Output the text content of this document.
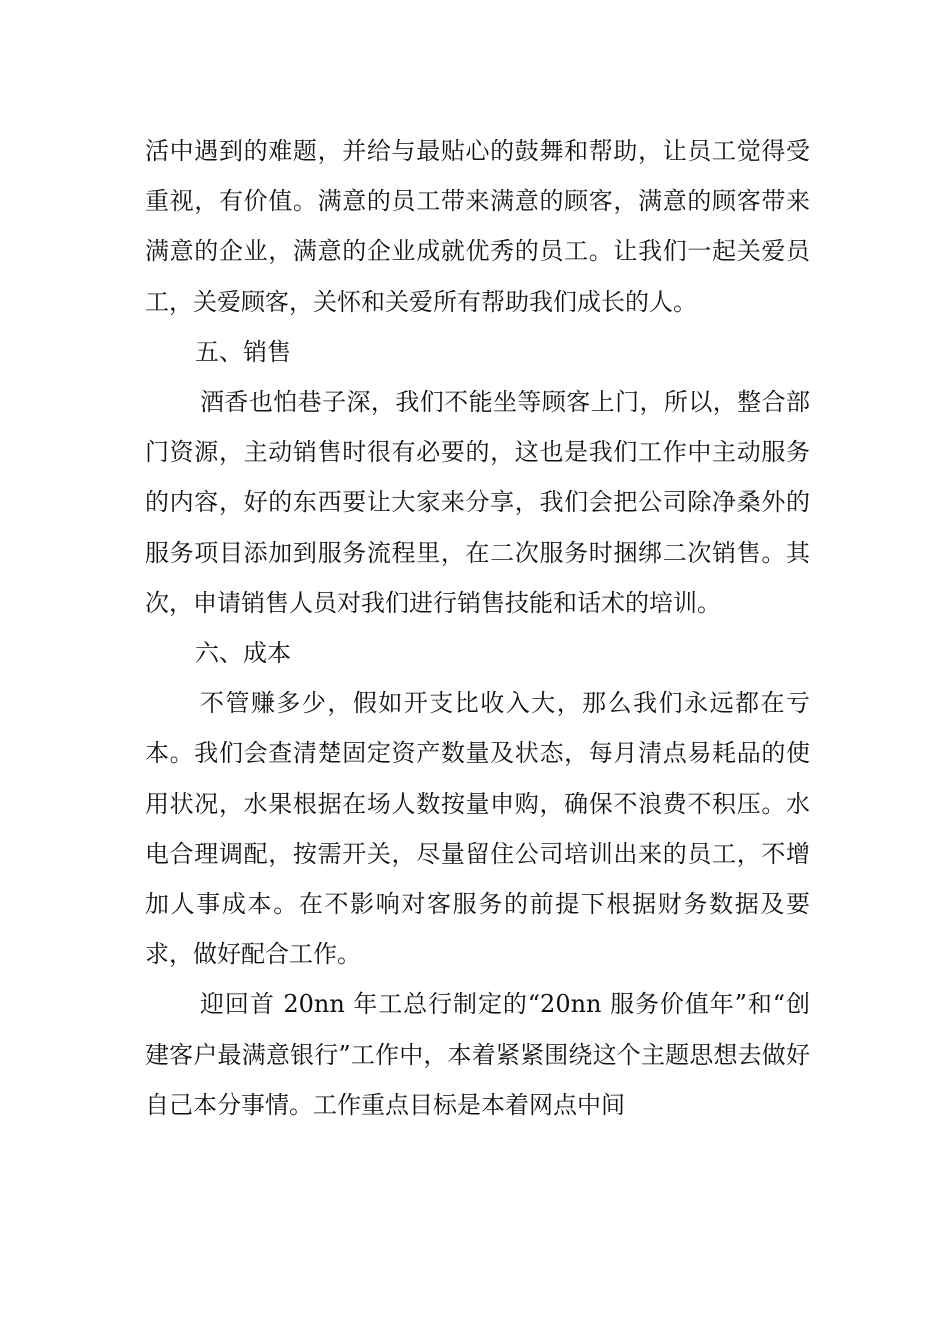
活中遇到的难题，并给与最贴心的鼓舞和帮助，让员工觉得受重视，有价值。满意的员工带来满意的顾客，满意的顾客带来满意的企业，满意的企业成就优秀的员工。让我们一起关爱员工，关爱顾客，关怀和关爱所有帮助我们成长的人。

五、销售

酒香也怕巷子深，我们不能坐等顾客上门，所以，整合部门资源，主动销售时很有必要的，这也是我们工作中主动服务的内容，好的东西要让大家来分享，我们会把公司除净桑外的服务项目添加到服务流程里，在二次服务时捆绑二次销售。其次，申请销售人员对我们进行销售技能和话术的培训。

六、成本

不管赚多少，假如开支比收入大，那么我们永远都在亏本。我们会查清楚固定资产数量及状态，每月清点易耗品的使用状况，水果根据在场人数按量申购，确保不浪费不积压。水电合理调配，按需开关，尽量留住公司培训出来的员工，不增加人事成本。在不影响对客服务的前提下根据财务数据及要求，做好配合工作。

迎回首 20nn 年工总行制定的“20nn 服务价值年”和“创建客户最满意银行”工作中，本着紧紧围绕这个主题思想去做好自己本分事情。工作重点目标是本着网点中间
